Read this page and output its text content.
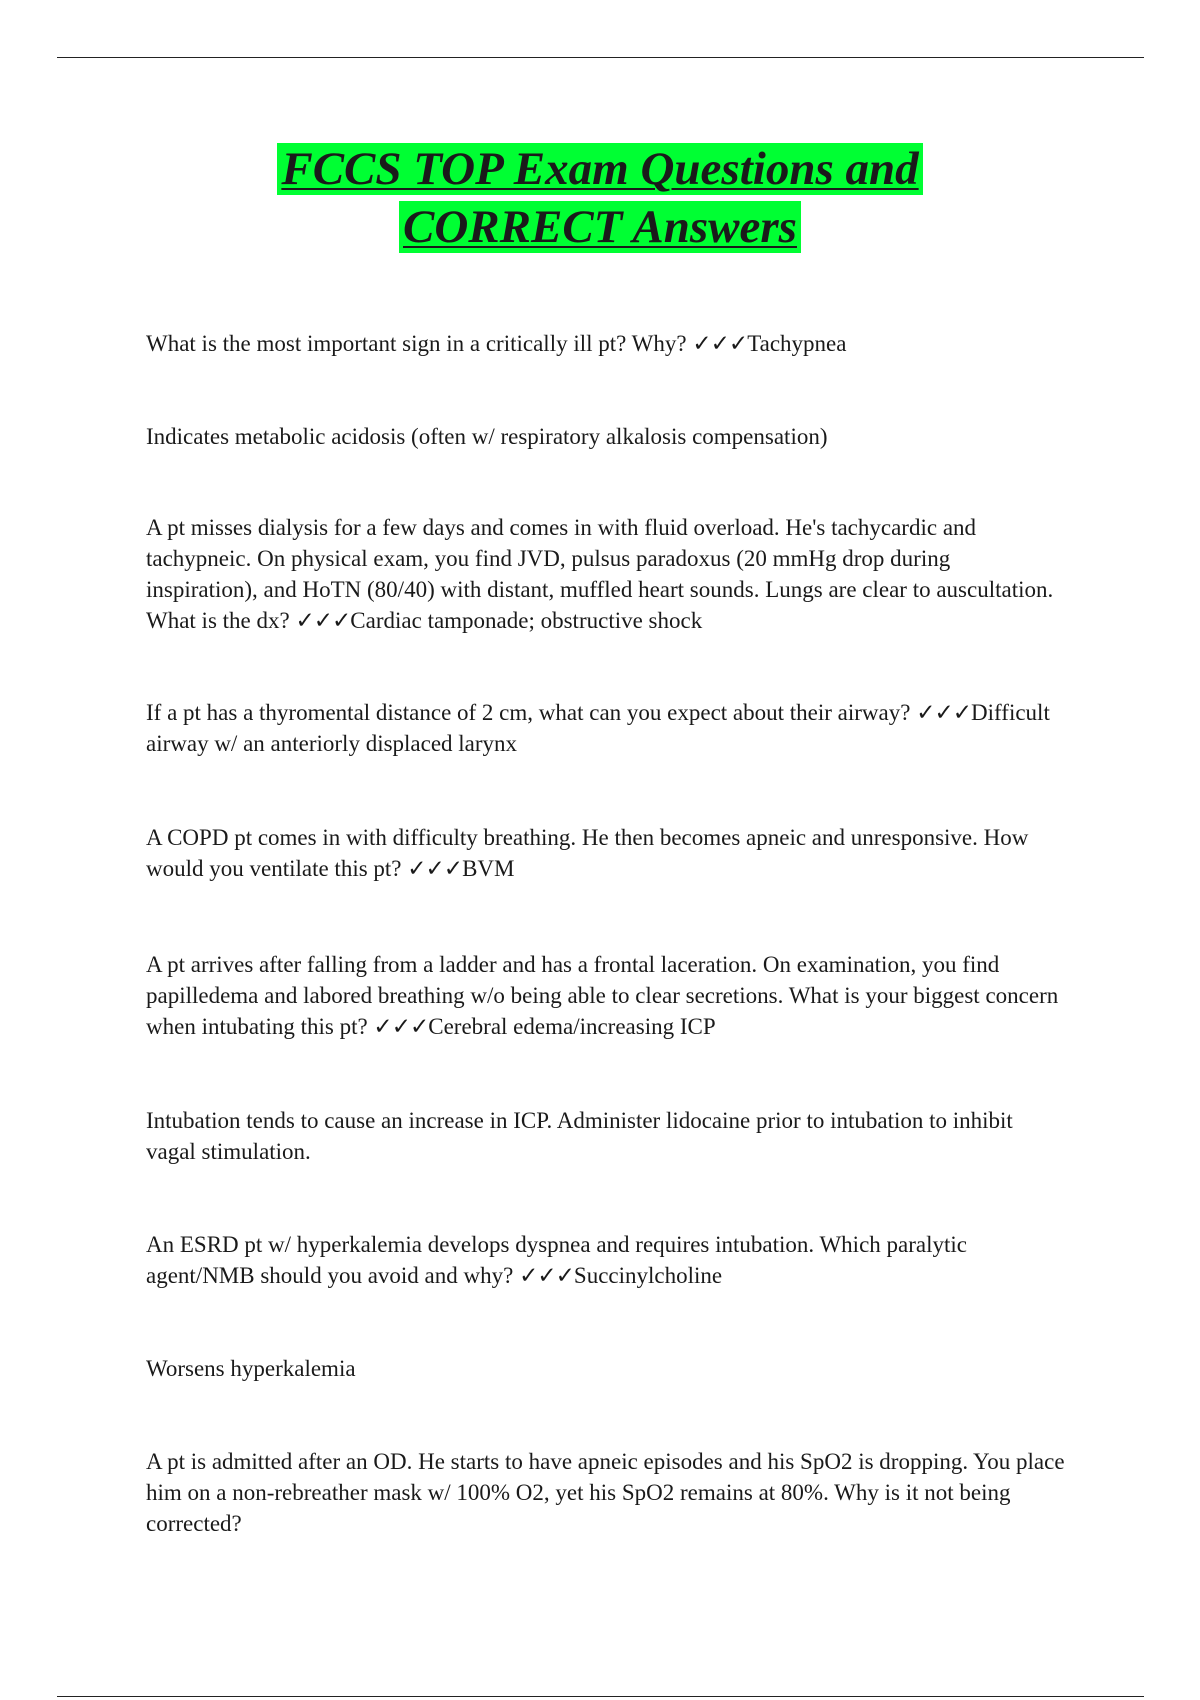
FCCS TOP Exam Questions and
CORRECT Answers

What is the most important sign in a critically ill pt? Why? ✓✓✓Tachypnea

Indicates metabolic acidosis (often w/ respiratory alkalosis compensation)

A pt misses dialysis for a few days and comes in with fluid overload. He's tachycardic and tachypneic. On physical exam, you find JVD, pulsus paradoxus (20 mmHg drop during inspiration), and HoTN (80/40) with distant, muffled heart sounds. Lungs are clear to auscultation. What is the dx? ✓✓✓Cardiac tamponade; obstructive shock

If a pt has a thyromental distance of 2 cm, what can you expect about their airway? ✓✓✓Difficult airway w/ an anteriorly displaced larynx

A COPD pt comes in with difficulty breathing. He then becomes apneic and unresponsive. How would you ventilate this pt? ✓✓✓BVM

A pt arrives after falling from a ladder and has a frontal laceration. On examination, you find papilledema and labored breathing w/o being able to clear secretions. What is your biggest concern when intubating this pt? ✓✓✓Cerebral edema/increasing ICP

Intubation tends to cause an increase in ICP. Administer lidocaine prior to intubation to inhibit vagal stimulation.

An ESRD pt w/ hyperkalemia develops dyspnea and requires intubation. Which paralytic agent/NMB should you avoid and why? ✓✓✓Succinylcholine

Worsens hyperkalemia

A pt is admitted after an OD. He starts to have apneic episodes and his SpO2 is dropping. You place him on a non-rebreather mask w/ 100% O2, yet his SpO2 remains at 80%. Why is it not being corrected?
